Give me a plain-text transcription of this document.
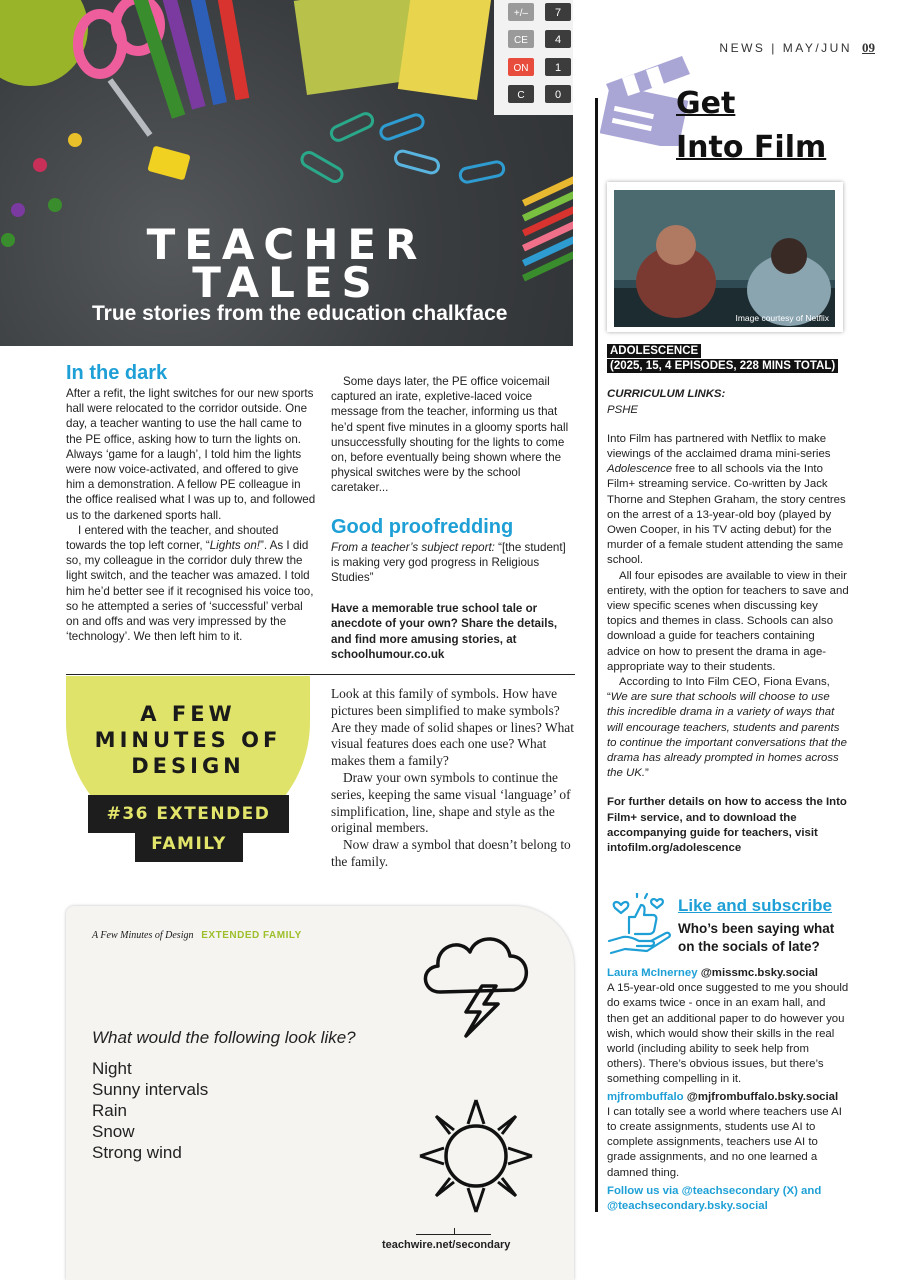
+/– 7
CE 4
ON 1
C	0
TEACHER
TALES
True stories from the education chalkface
NEWS | MAY/JUN 09
In the dark

After a refit, the light switches for our new sports hall were relocated to the corridor outside. One day, a teacher wanting to use the hall came to the PE office, asking how to turn the lights on. Always ‘game for a laugh’, I told him the lights were now voice-activated, and offered to give him a demonstration. A fellow PE colleague in the office realised what I was up to, and followed us to the darkened sports hall.

I entered with the teacher, and shouted towards the top left corner, “Lights on!”. As I did so, my colleague in the corridor duly threw the light switch, and the teacher was amazed. I told him he’d better see if it recognised his voice too, so he attempted a series of ‘successful’ verbal on and offs and was very impressed by the ‘technology’. We then left him to it.

Some days later, the PE office voicemail captured an irate, expletive-laced voice message from the teacher, informing us that he’d spent five minutes in a gloomy sports hall unsuccessfully shouting for the lights to come on, before eventually being shown where the physical switches were by the school caretaker...

Good proofredding

From a teacher’s subject report: “[the student] is making very god progress in Religious Studies”

Have a memorable true school tale or anecdote of your own? Share the details, and find more amusing stories, at schoolhumour.co.uk

A FEW
MINUTES OF
DESIGN
#36 EXTENDED
FAMILY

Look at this family of symbols. How have pictures been simplified to make symbols? Are they made of solid shapes or lines? What visual features does each one use? What makes them a family?

Draw your own symbols to continue the series, keeping the same visual ‘language’ of simplification, line, shape and style as the original members.

Now draw a symbol that doesn’t belong to the family.

A Few Minutes of Design EXTENDED FAMILY
What would the following look like?
Night
Sunny intervals
Rain
Snow
Strong wind
teachwire.net/secondary
Get
Into Film
Image courtesy of Netflix
ADOLESCENCE
(2025, 15, 4 EPISODES, 228 MINS TOTAL)

CURRICULUM LINKS:

PSHE

Into Film has partnered with Netflix to make viewings of the acclaimed drama mini-series Adolescence free to all schools via the Into Film+ streaming service. Co-written by Jack Thorne and Stephen Graham, the story centres on the arrest of a 13-year-old boy (played by Owen Cooper, in his TV acting debut) for the murder of a female student attending the same school.

All four episodes are available to view in their entirety, with the option for teachers to save and view specific scenes when discussing key topics and themes in class. Schools can also download a guide for teachers containing advice on how to present the drama in age-appropriate way to their students.

According to Into Film CEO, Fiona Evans, “We are sure that schools will choose to use this incredible drama in a variety of ways that will encourage teachers, students and parents to continue the important conversations that the drama has already prompted in homes across the UK.”

For further details on how to access the Into Film+ service, and to download the accompanying guide for teachers, visit intofilm.org/adolescence

Like and subscribe
Who’s been saying what on the socials of late?

Laura McInerney @missmc.bsky.social

A 15-year-old once suggested to me you should do exams twice - once in an exam hall, and then get an additional paper to do however you wish, which would show their skills in the real world (including ability to seek help from others). There’s obvious issues, but there’s something compelling in it.

mjfrombuffalo @mjfrombuffalo.bsky.social

I can totally see a world where teachers use AI to create assignments, students use AI to complete assignments, teachers use AI to grade assignments, and no one learned a damned thing.

Follow us via @teachsecondary (X) and @teachsecondary.bsky.social
